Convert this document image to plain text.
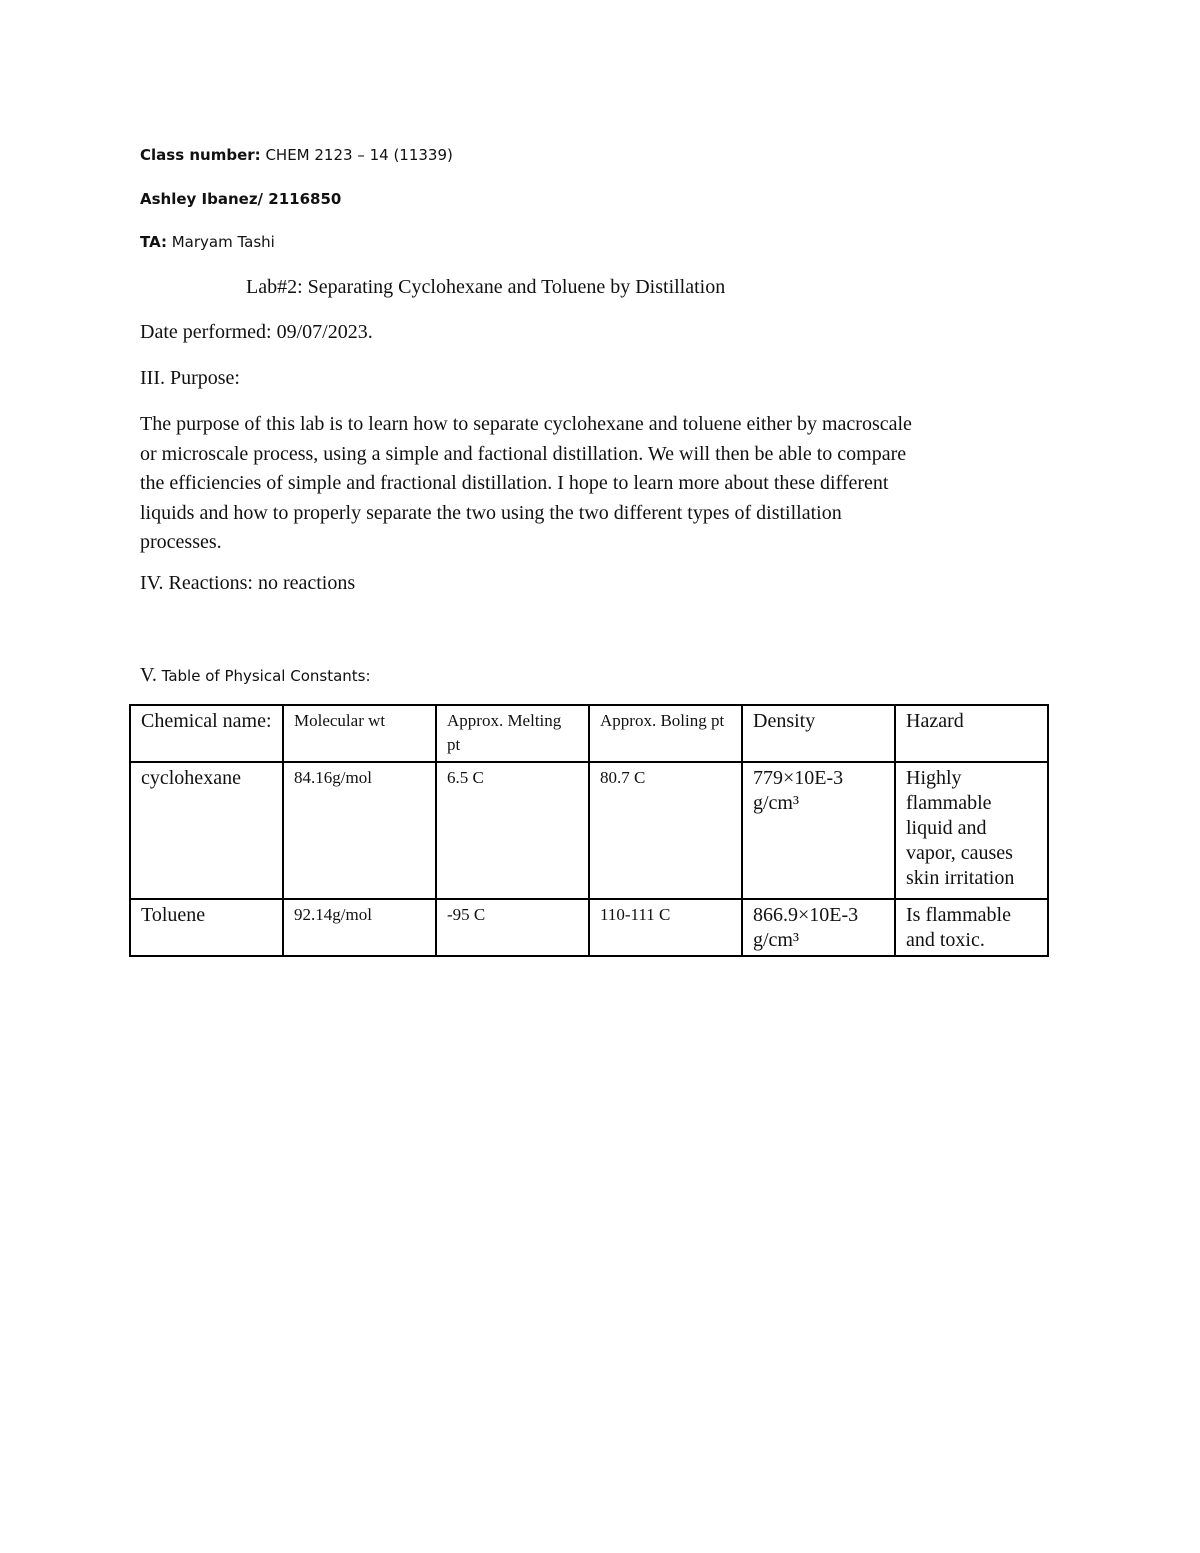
Class number: CHEM 2123 – 14 (11339)
Ashley Ibanez/ 2116850
TA: Maryam Tashi
Lab#2: Separating Cyclohexane and Toluene by Distillation
Date performed: 09/07/2023.
III. Purpose:
The purpose of this lab is to learn how to separate cyclohexane and toluene either by macroscale
or microscale process, using a simple and factional distillation. We will then be able to compare
the efficiencies of simple and fractional distillation. I hope to learn more about these different
liquids and how to properly separate the two using the two different types of distillation
processes.
IV. Reactions: no reactions
V. Table of Physical Constants:
Chemical name:	Molecular wt	Approx. Melting pt	Approx. Boling pt	Density	Hazard
cyclohexane	84.16g/mol	6.5 C	80.7 C	779×10E-3 g/cm³	Highly flammable liquid and vapor, causes skin irritation
Toluene	92.14g/mol	-95 C	110-111 C	866.9×10E-3 g/cm³	Is flammable and toxic.
